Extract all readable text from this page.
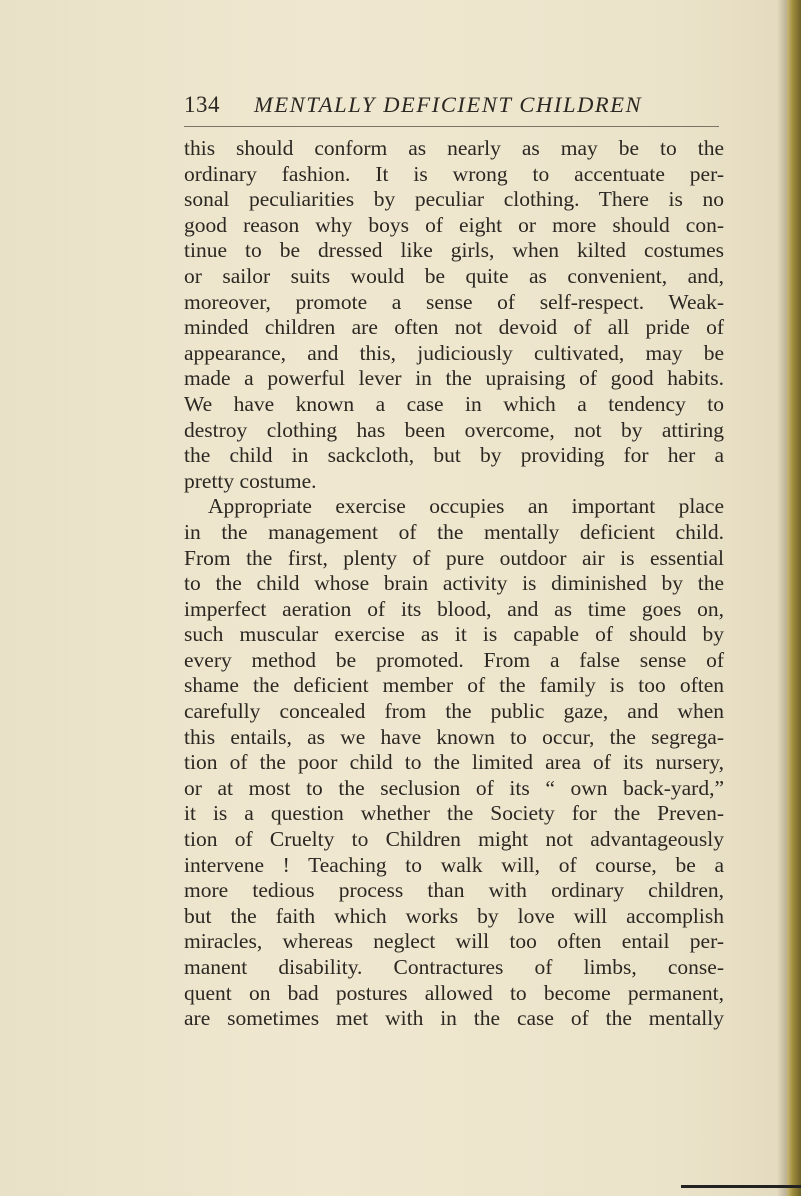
134 MENTALLY DEFICIENT CHILDREN
this should conform as nearly as may be to the
ordinary fashion. It is wrong to accentuate per-
sonal peculiarities by peculiar clothing. There is no
good reason why boys of eight or more should con-
tinue to be dressed like girls, when kilted costumes
or sailor suits would be quite as convenient, and,
moreover, promote a sense of self-respect. Weak-
minded children are often not devoid of all pride of
appearance, and this, judiciously cultivated, may be
made a powerful lever in the upraising of good habits.
We have known a case in which a tendency to
destroy clothing has been overcome, not by attiring
the child in sackcloth, but by providing for her a
pretty costume.
Appropriate exercise occupies an important place
in the management of the mentally deficient child.
From the first, plenty of pure outdoor air is essential
to the child whose brain activity is diminished by the
imperfect aeration of its blood, and as time goes on,
such muscular exercise as it is capable of should by
every method be promoted. From a false sense of
shame the deficient member of the family is too often
carefully concealed from the public gaze, and when
this entails, as we have known to occur, the segrega-
tion of the poor child to the limited area of its nursery,
or at most to the seclusion of its “ own back-yard,”
it is a question whether the Society for the Preven-
tion of Cruelty to Children might not advantageously
intervene ! Teaching to walk will, of course, be a
more tedious process than with ordinary children,
but the faith which works by love will accomplish
miracles, whereas neglect will too often entail per-
manent disability. Contractures of limbs, conse-
quent on bad postures allowed to become permanent,
are sometimes met with in the case of the mentally
